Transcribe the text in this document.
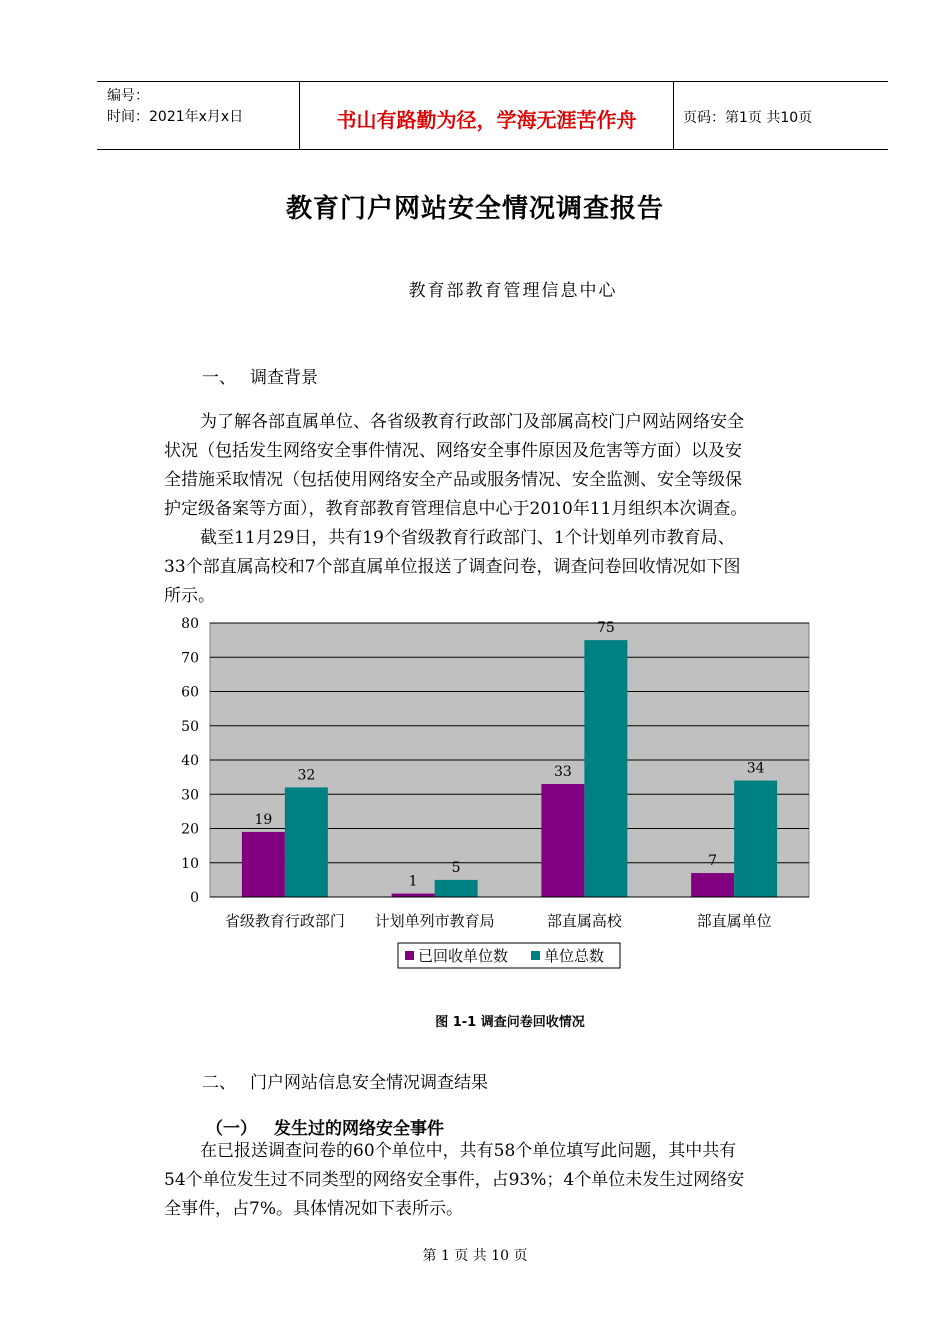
编号：
时间：2021年x月x日	书山有路勤为径，学海无涯苦作舟	页码：第1页 共10页
教育门户网站安全情况调查报告
教育部教育管理信息中心
一、 调查背景
为了解各部直属单位、各省级教育行政部门及部属高校门户网站网络安全
状况（包括发生网络安全事件情况、网络安全事件原因及危害等方面）以及安
全措施采取情况（包括使用网络安全产品或服务情况、安全监测、安全等级保
护定级备案等方面），教育部教育管理信息中心于2010年11月组织本次调查。
截至11月29日，共有19个省级教育行政部门、1个计划单列市教育局、
33个部直属高校和7个部直属单位报送了调查问卷，调查问卷回收情况如下图
所示。
0
10
20
30
40
50
60
70
80
19
32
1
5
33
75
7
34
省级教育行政部门 计划单列市教育局	部直属高校	部直属单位
已回收单位数 单位总数
图 1-1 调查问卷回收情况
二、 门户网站信息安全情况调查结果
（一） 发生过的网络安全事件
在已报送调查问卷的60个单位中，共有58个单位填写此问题，其中共有
54个单位发生过不同类型的网络安全事件，占93%；4个单位未发生过网络安
全事件，占7%。具体情况如下表所示。
第 1 页 共 10 页
